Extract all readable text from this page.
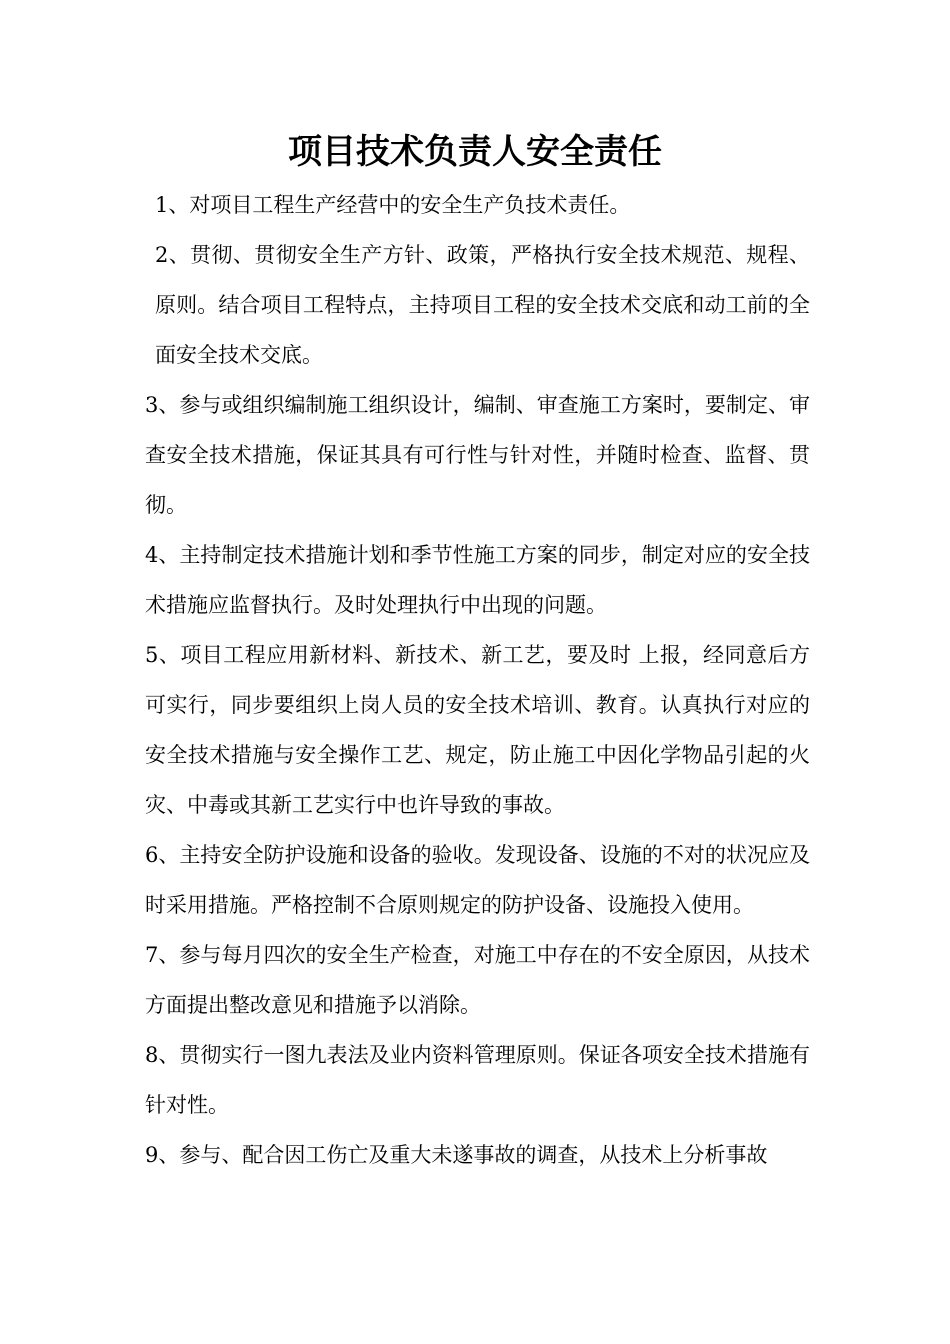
项目技术负责人安全责任

1、对项目工程生产经营中的安全生产负技术责任。

2、贯彻、贯彻安全生产方针、政策，严格执行安全技术规范、规程、原则。结合项目工程特点，主持项目工程的安全技术交底和动工前的全面安全技术交底。

3、参与或组织编制施工组织设计，编制、审查施工方案时，要制定、审查安全技术措施，保证其具有可行性与针对性，并随时检查、监督、贯彻。

4、主持制定技术措施计划和季节性施工方案的同步，制定对应的安全技术措施应监督执行。及时处理执行中出现的问题。

5、项目工程应用新材料、新技术、新工艺，要及时 上报，经同意后方可实行，同步要组织上岗人员的安全技术培训、教育。认真执行对应的安全技术措施与安全操作工艺、规定，防止施工中因化学物品引起的火灾、中毒或其新工艺实行中也许导致的事故。

6、主持安全防护设施和设备的验收。发现设备、设施的不对的状况应及时采用措施。严格控制不合原则规定的防护设备、设施投入使用。

7、参与每月四次的安全生产检查，对施工中存在的不安全原因，从技术方面提出整改意见和措施予以消除。

8、贯彻实行一图九表法及业内资料管理原则。保证各项安全技术措施有针对性。

9、参与、配合因工伤亡及重大未遂事故的调查，从技术上分析事故
